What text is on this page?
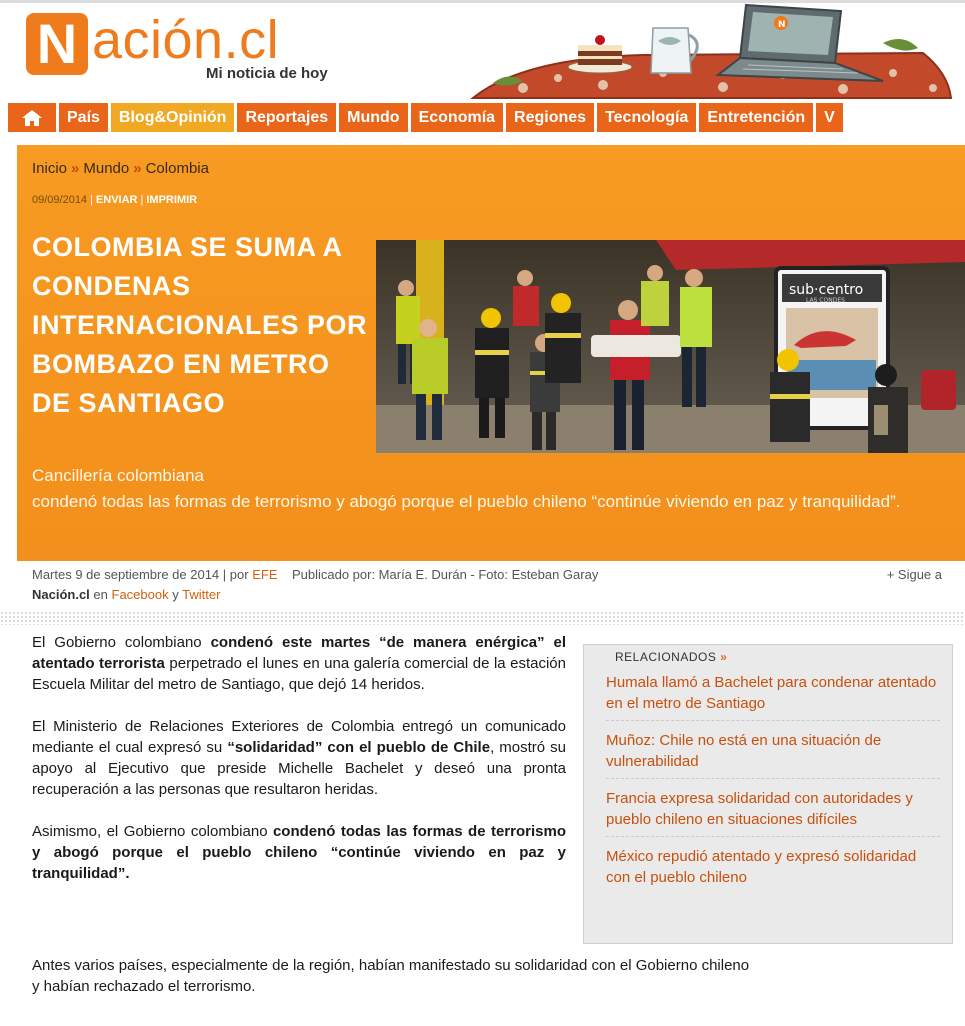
N ación.cl
Mi noticia de hoy
N
País	Blog&Opinión	Reportajes	Mundo	Economía	Regiones	Tecnología	Entretención	V
Inicio » Mundo » Colombia
09/09/2014 | ENVIAR | IMPRIMIR
COLOMBIA SE SUMA A CONDENAS INTERNACIONALES POR BOMBAZO EN METRO DE SANTIAGO
sub·centro
LAS CONDES
Cancillería colombiana
condenó todas las formas de terrorismo y abogó porque el pueblo chileno “continúe viviendo en paz y tranquilidad”.
Martes 9 de septiembre de 2014 | por EFE Publicado por: María E. Durán - Foto: Esteban Garay	+ Sigue a
Nación.cl en Facebook y Twitter

El Gobierno colombiano condenó este martes “de manera enérgica” el atentado terrorista perpetrado el lunes en una galería comercial de la estación Escuela Militar del metro de Santiago, que dejó 14 heridos.

El Ministerio de Relaciones Exteriores de Colombia entregó un comunicado mediante el cual expresó su “solidaridad” con el pueblo de Chile, mostró su apoyo al Ejecutivo que preside Michelle Bachelet y deseó una pronta recuperación a las personas que resultaron heridas.

Asimismo, el Gobierno colombiano condenó todas las formas de terrorismo y abogó porque el pueblo chileno “continúe viviendo en paz y tranquilidad”.

Antes varios países, especialmente de la región, habían manifestado su solidaridad con el Gobierno chileno y habían rechazado el terrorismo.
RELACIONADOS »
Humala llamó a Bachelet para condenar atentado en el metro de Santiago
Muñoz: Chile no está en una situación de vulnerabilidad
Francia expresa solidaridad con autoridades y pueblo chileno en situaciones difíciles
México repudió atentado y expresó solidaridad con el pueblo chileno
